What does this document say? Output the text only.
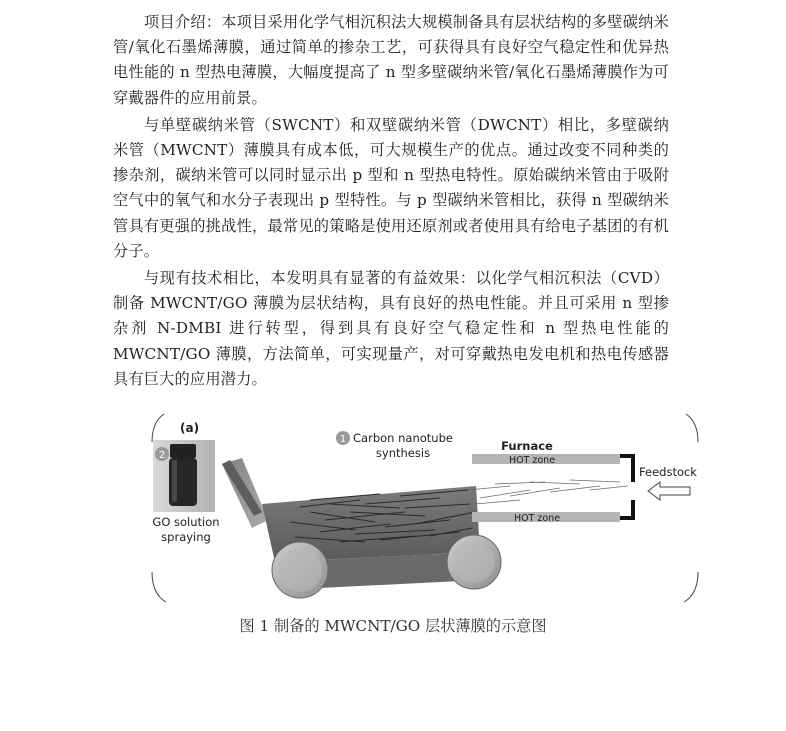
项目介绍：本项目采用化学气相沉积法大规模制备具有层状结构的多壁碳纳米管/氧化石墨烯薄膜，通过简单的掺杂工艺，可获得具有良好空气稳定性和优异热电性能的 n 型热电薄膜，大幅度提高了 n 型多壁碳纳米管/氧化石墨烯薄膜作为可穿戴器件的应用前景。

与单壁碳纳米管（SWCNT）和双壁碳纳米管（DWCNT）相比，多壁碳纳米管（MWCNT）薄膜具有成本低，可大规模生产的优点。通过改变不同种类的掺杂剂，碳纳米管可以同时显示出 p 型和 n 型热电特性。原始碳纳米管由于吸附空气中的氧气和水分子表现出 p 型特性。与 p 型碳纳米管相比，获得 n 型碳纳米管具有更强的挑战性，最常见的策略是使用还原剂或者使用具有给电子基团的有机分子。

与现有技术相比，本发明具有显著的有益效果：以化学气相沉积法（CVD）制备 MWCNT/GO 薄膜为层状结构，具有良好的热电性能。并且可采用 n 型掺杂剂 N-DMBI 进行转型，得到具有良好空气稳定性和 n 型热电性能的 MWCNT/GO 薄膜，方法简单，可实现量产，对可穿戴热电发电机和热电传感器具有巨大的应用潜力。

2
(a)
GO solution
spraying
1 Carbon nanotube
synthesis	Furnace
HOT zone
HOT zone
Feedstock
图 1 制备的 MWCNT/GO 层状薄膜的示意图
